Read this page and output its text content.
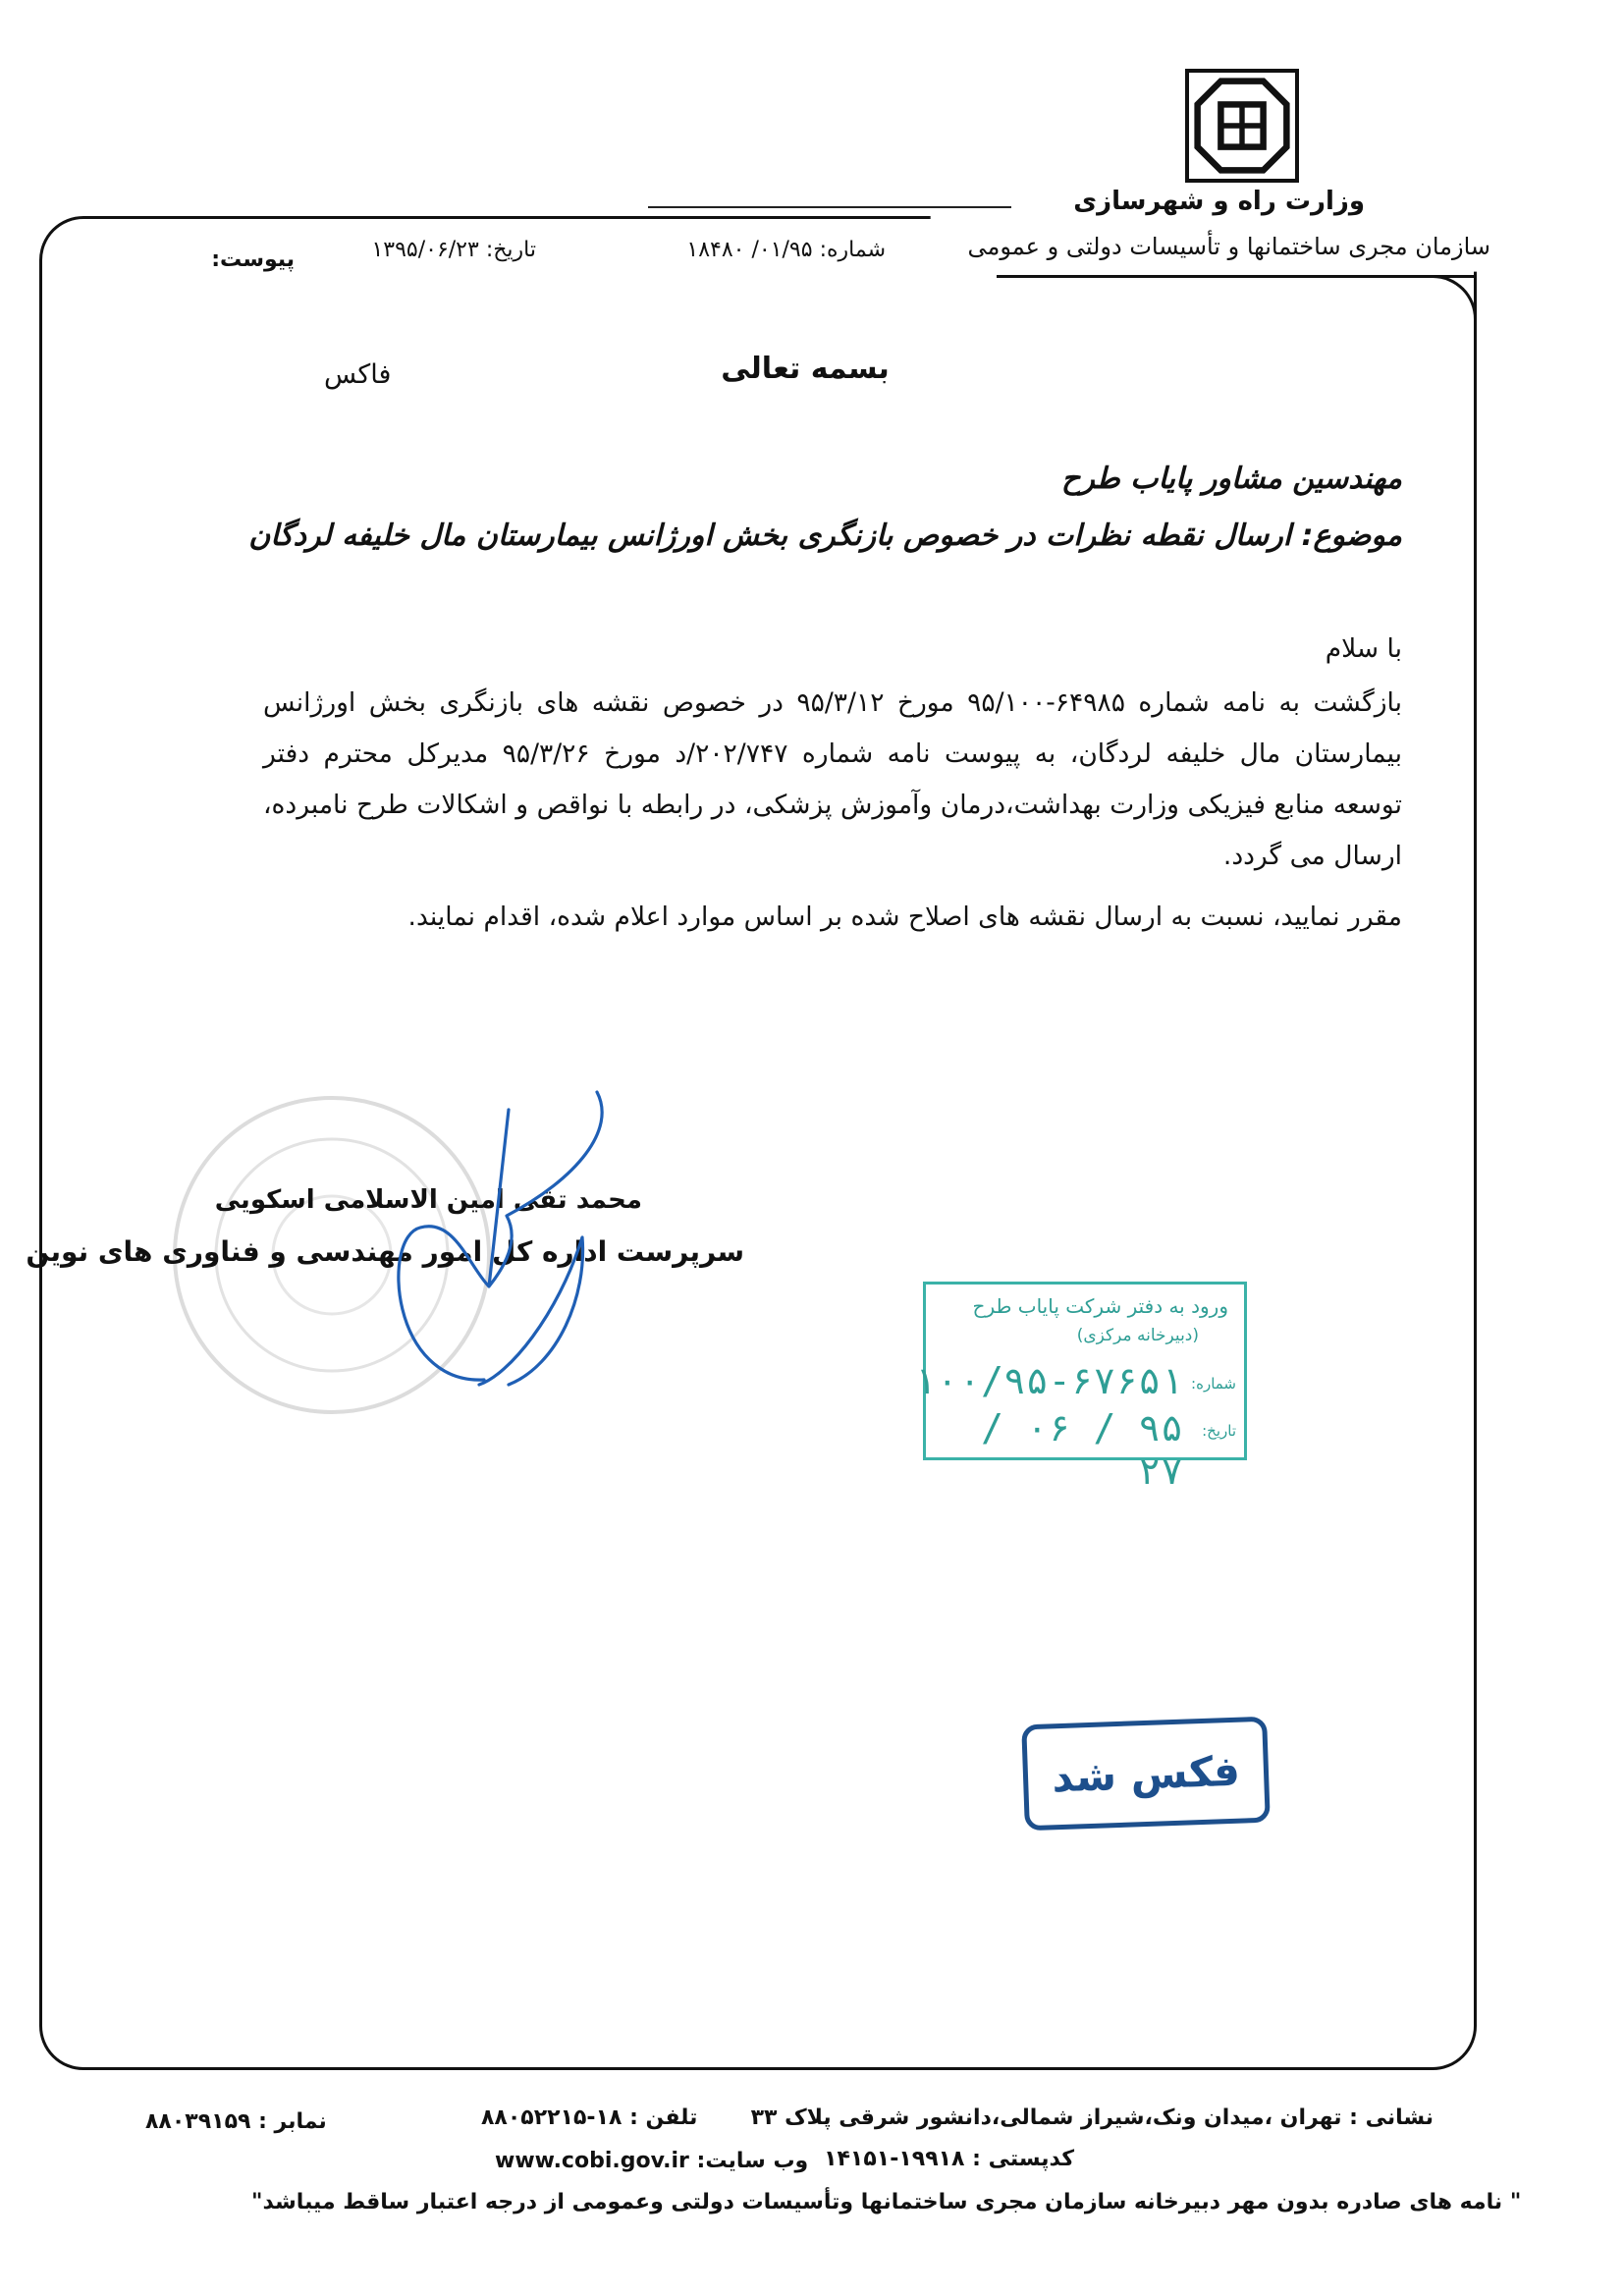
وزارت راه و شهرسازی
سازمان مجری ساختمانها و تأسیسات دولتی و عمومی
شماره: ۰۱/۹۵/ ۱۸۴۸۰
تاریخ: ۱۳۹۵/۰۶/۲۳
پیوست:
بسمه تعالی
فاکس
مهندسین مشاور پایاب طرح
موضوع: ارسال نقطه نظرات در خصوص بازنگری بخش اورژانس بیمارستان مال خلیفه لردگان
با سلام
بازگشت به نامه شماره ۶۴۹۸۵-۹۵/۱۰۰ مورخ ۹۵/۳/۱۲ در خصوص نقشه های بازنگری بخش اورژانس بیمارستان مال خلیفه لردگان، به پیوست نامه شماره ۲۰۲/۷۴۷/د مورخ ۹۵/۳/۲۶ مدیرکل محترم دفتر توسعه منابع فیزیکی وزارت بهداشت،درمان وآموزش پزشکی، در رابطه با نواقص و اشکالات طرح نامبرده، ارسال می گردد.
مقرر نمایید، نسبت به ارسال نقشه های اصلاح شده بر اساس موارد اعلام شده، اقدام نمایند.
محمد تقی امین الاسلامی اسکویی
سرپرست اداره کل امور مهندسی و فناوری های نوین
ورود به دفتر شرکت پایاب طرح
(دبیرخانه مرکزی)
شماره:
۱۰۰/۹۵-۶۷۶۵۱
تاریخ:
۹۵ / ۰۶ / ۲۷
فکس شد
نشانی : تهران ،میدان ونک،شیراز شمالی،دانشور شرقی پلاک ۳۳
تلفن : ۱۸-۸۸۰۵۲۲۱۵
نمابر : ۸۸۰۳۹۱۵۹
کدپستی : ۱۹۹۱۸-۱۴۱۵۱
وب سایت: www.cobi.gov.ir
" نامه های صادره بدون مهر دبیرخانه سازمان مجری ساختمانها وتأسیسات دولتی وعمومی از درجه اعتبار ساقط میباشد"
